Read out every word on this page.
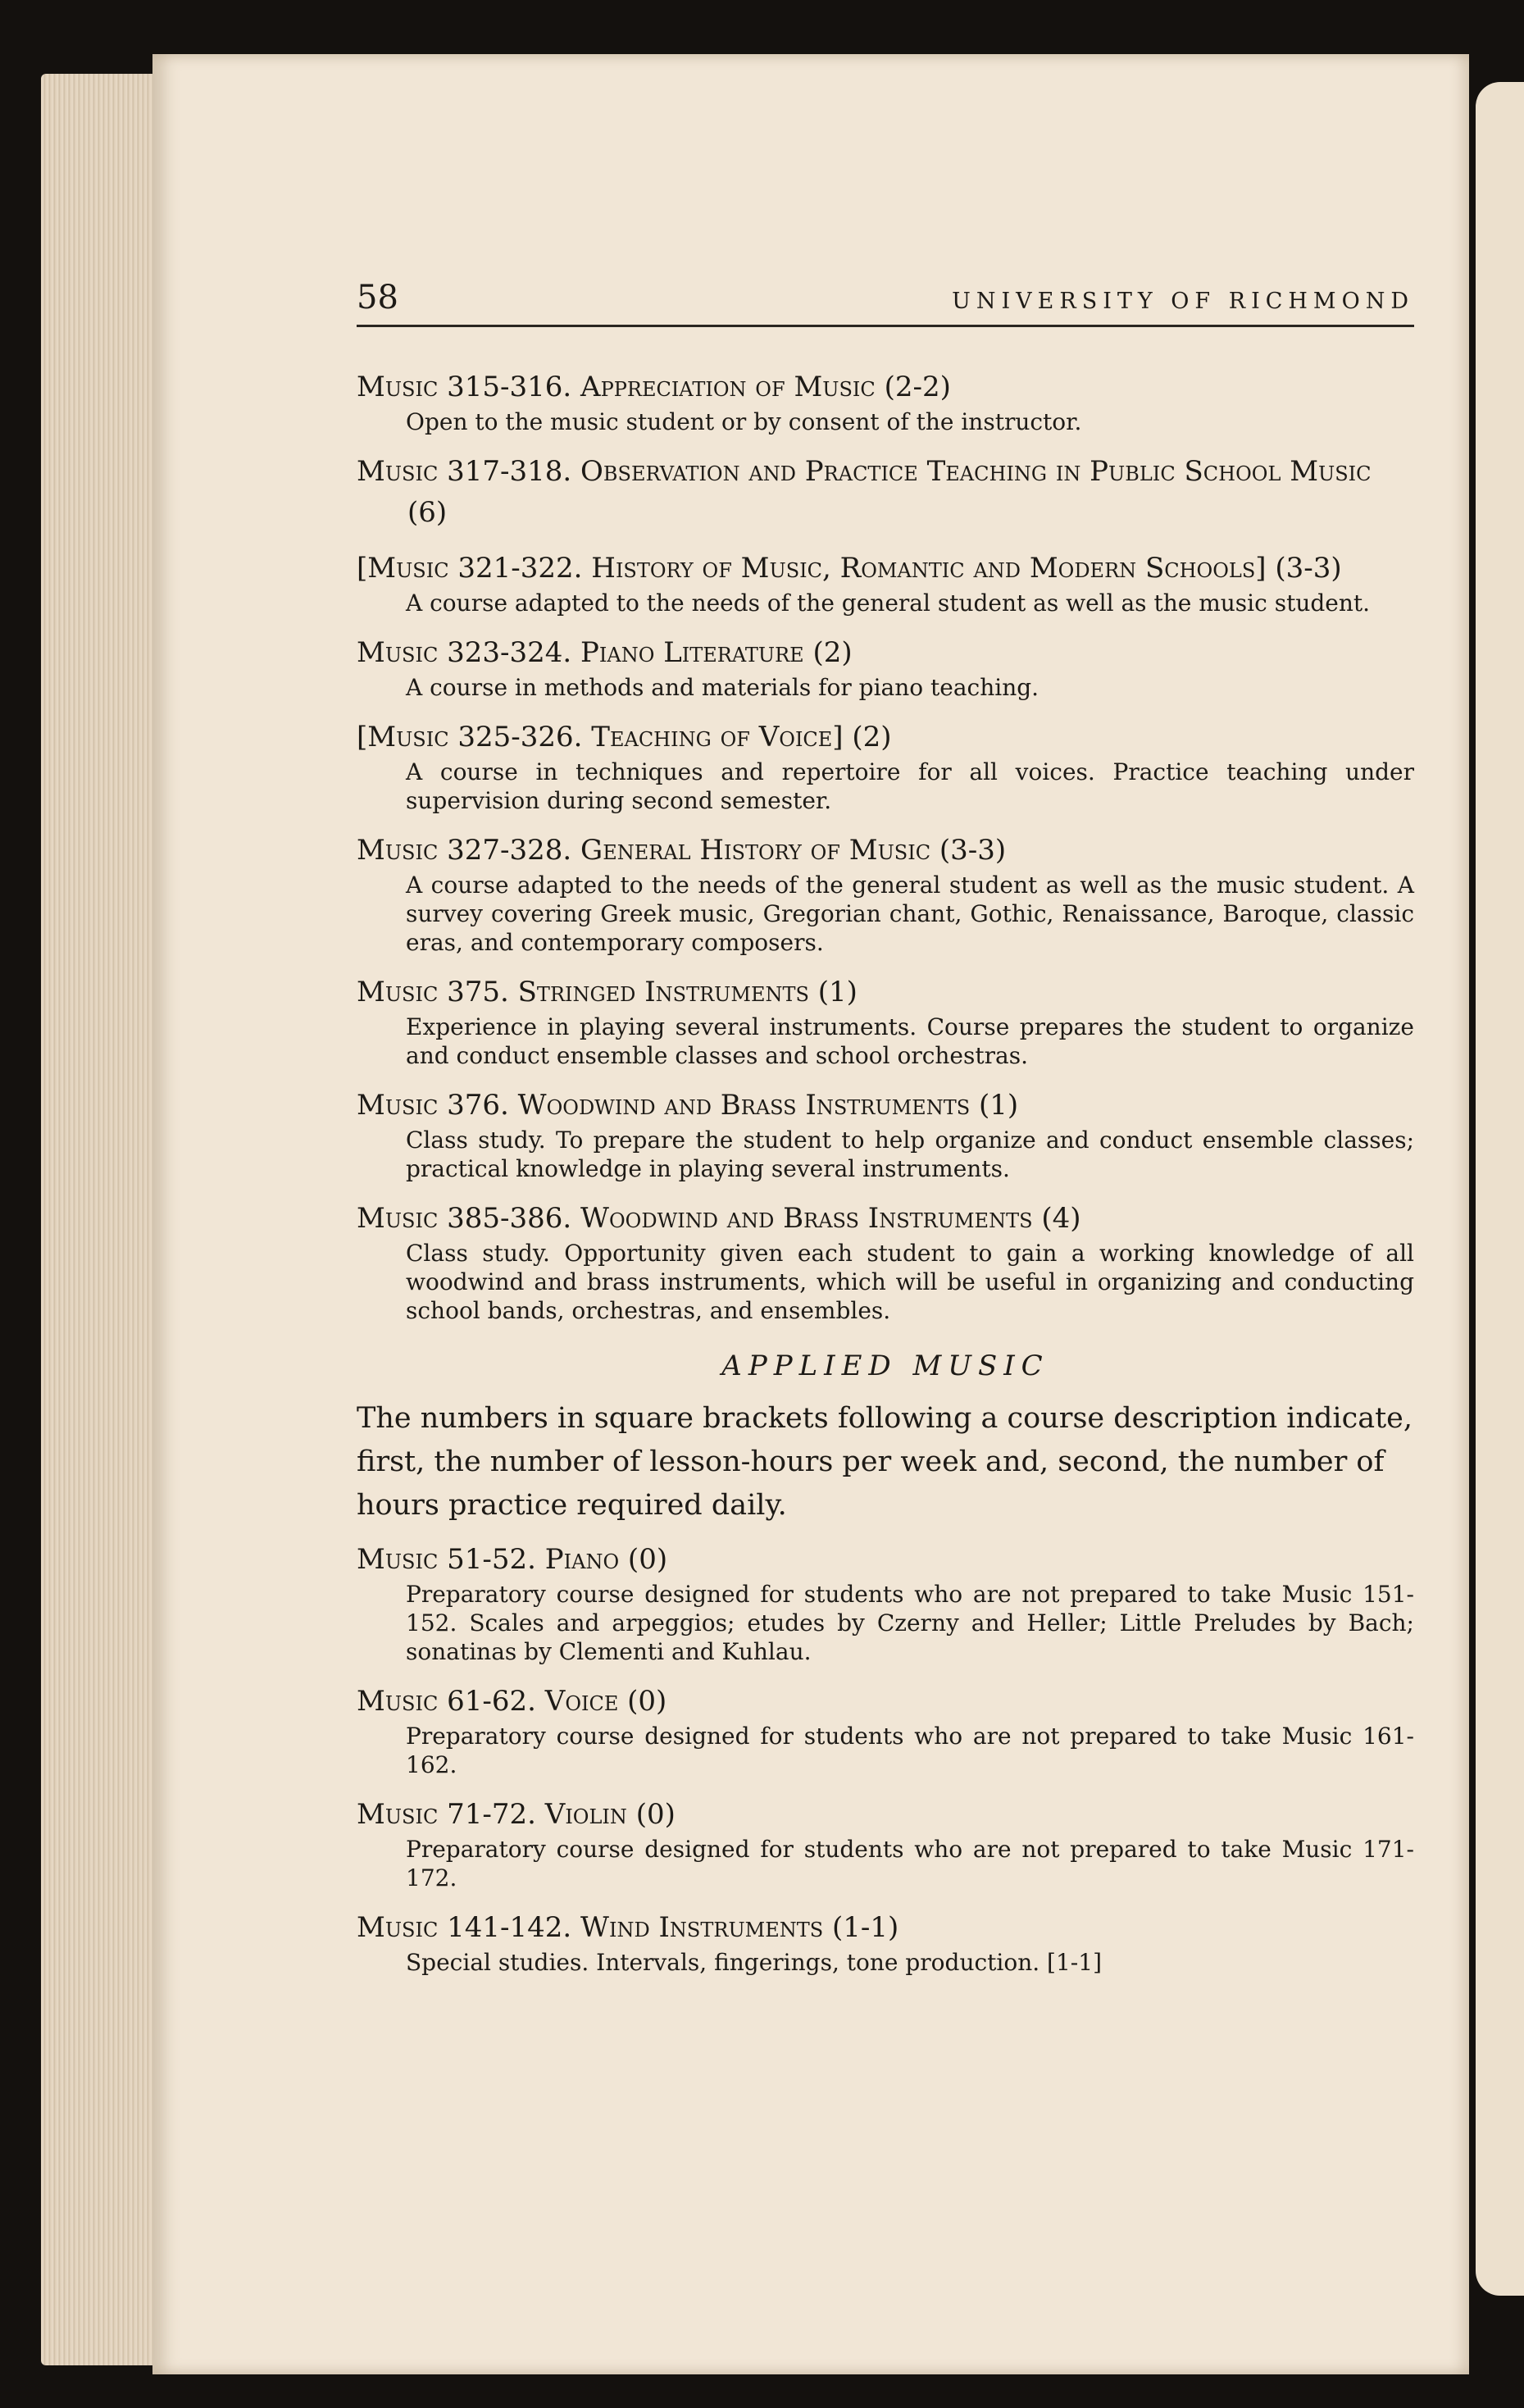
58	UNIVERSITY OF RICHMOND
Music 315-316. Appreciation of Music (2-2)
Open to the music student or by consent of the instructor.
Music 317-318. Observation and Practice Teaching in Public School Music (6)
[Music 321-322. History of Music, Romantic and Modern Schools] (3-3)
A course adapted to the needs of the general student as well as the music student.
Music 323-324. Piano Literature (2)
A course in methods and materials for piano teaching.
[Music 325-326. Teaching of Voice] (2)
A course in techniques and repertoire for all voices. Practice teaching under supervision during second semester.
Music 327-328. General History of Music (3-3)
A course adapted to the needs of the general student as well as the music student. A survey covering Greek music, Gregorian chant, Gothic, Renaissance, Baroque, classic eras, and contemporary composers.
Music 375. Stringed Instruments (1)
Experience in playing several instruments. Course prepares the student to organize and conduct ensemble classes and school orchestras.
Music 376. Woodwind and Brass Instruments (1)
Class study. To prepare the student to help organize and conduct ensemble classes; practical knowledge in playing several instruments.
Music 385-386. Woodwind and Brass Instruments (4)
Class study. Opportunity given each student to gain a working knowledge of all woodwind and brass instruments, which will be useful in organizing and conducting school bands, orchestras, and ensembles.
APPLIED MUSIC
The numbers in square brackets following a course description indicate, first, the number of lesson-hours per week and, second, the number of hours practice required daily.
Music 51-52. Piano (0)
Preparatory course designed for students who are not prepared to take Music 151-152. Scales and arpeggios; etudes by Czerny and Heller; Little Preludes by Bach; sonatinas by Clementi and Kuhlau.
Music 61-62. Voice (0)
Preparatory course designed for students who are not prepared to take Music 161-162.
Music 71-72. Violin (0)
Preparatory course designed for students who are not prepared to take Music 171-172.
Music 141-142. Wind Instruments (1-1)
Special studies. Intervals, fingerings, tone production. [1-1]
